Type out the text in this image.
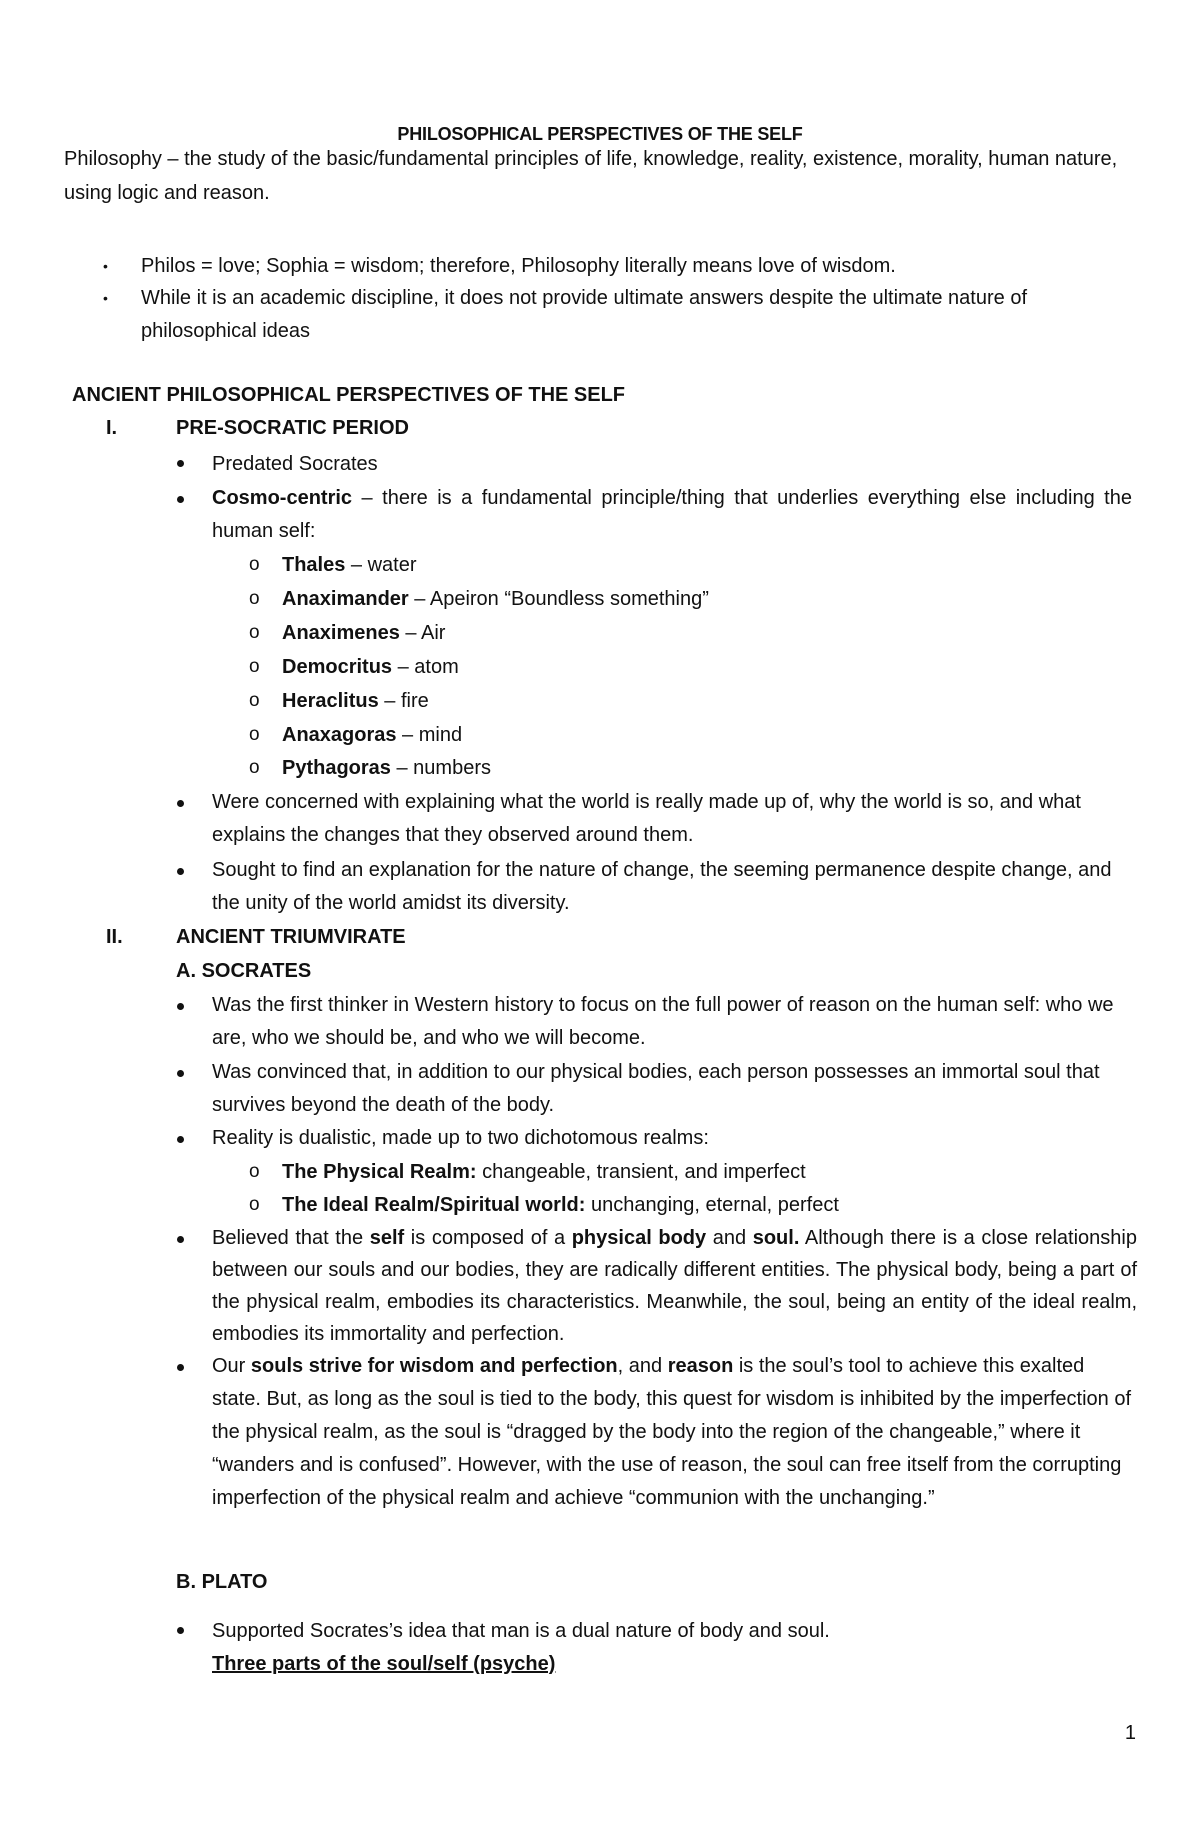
PHILOSOPHICAL PERSPECTIVES OF THE SELF
Philosophy – the study of the basic/fundamental principles of life, knowledge, reality, existence, morality, human nature, using logic and reason.
• Philos = love; Sophia = wisdom; therefore, Philosophy literally means love of wisdom.
• While it is an academic discipline, it does not provide ultimate answers despite the ultimate nature of philosophical ideas
ANCIENT PHILOSOPHICAL PERSPECTIVES OF THE SELF
I.	PRE-SOCRATIC PERIOD
Predated Socrates
Cosmo-centric – there is a fundamental principle/thing that underlies everything else including the human self:
o Thales – water
o Anaximander – Apeiron “Boundless something”
o Anaximenes – Air
o Democritus – atom
o Heraclitus – fire
o Anaxagoras – mind
o Pythagoras – numbers
Were concerned with explaining what the world is really made up of, why the world is so, and what explains the changes that they observed around them.
Sought to find an explanation for the nature of change, the seeming permanence despite change, and the unity of the world amidst its diversity.
II.	ANCIENT TRIUMVIRATE
A. SOCRATES
Was the first thinker in Western history to focus on the full power of reason on the human self: who we are, who we should be, and who we will become.
Was convinced that, in addition to our physical bodies, each person possesses an immortal soul that survives beyond the death of the body.
Reality is dualistic, made up to two dichotomous realms:
o The Physical Realm: changeable, transient, and imperfect
o The Ideal Realm/Spiritual world: unchanging, eternal, perfect
Believed that the self is composed of a physical body and soul. Although there is a close relationship between our souls and our bodies, they are radically different entities. The physical body, being a part of the physical realm, embodies its characteristics. Meanwhile, the soul, being an entity of the ideal realm, embodies its immortality and perfection.
Our souls strive for wisdom and perfection, and reason is the soul’s tool to achieve this exalted state. But, as long as the soul is tied to the body, this quest for wisdom is inhibited by the imperfection of the physical realm, as the soul is “dragged by the body into the region of the changeable,” where it “wanders and is confused”. However, with the use of reason, the soul can free itself from the corrupting imperfection of the physical realm and achieve “communion with the unchanging.”
B. PLATO
Supported Socrates’s idea that man is a dual nature of body and soul.
Three parts of the soul/self (psyche)
1
